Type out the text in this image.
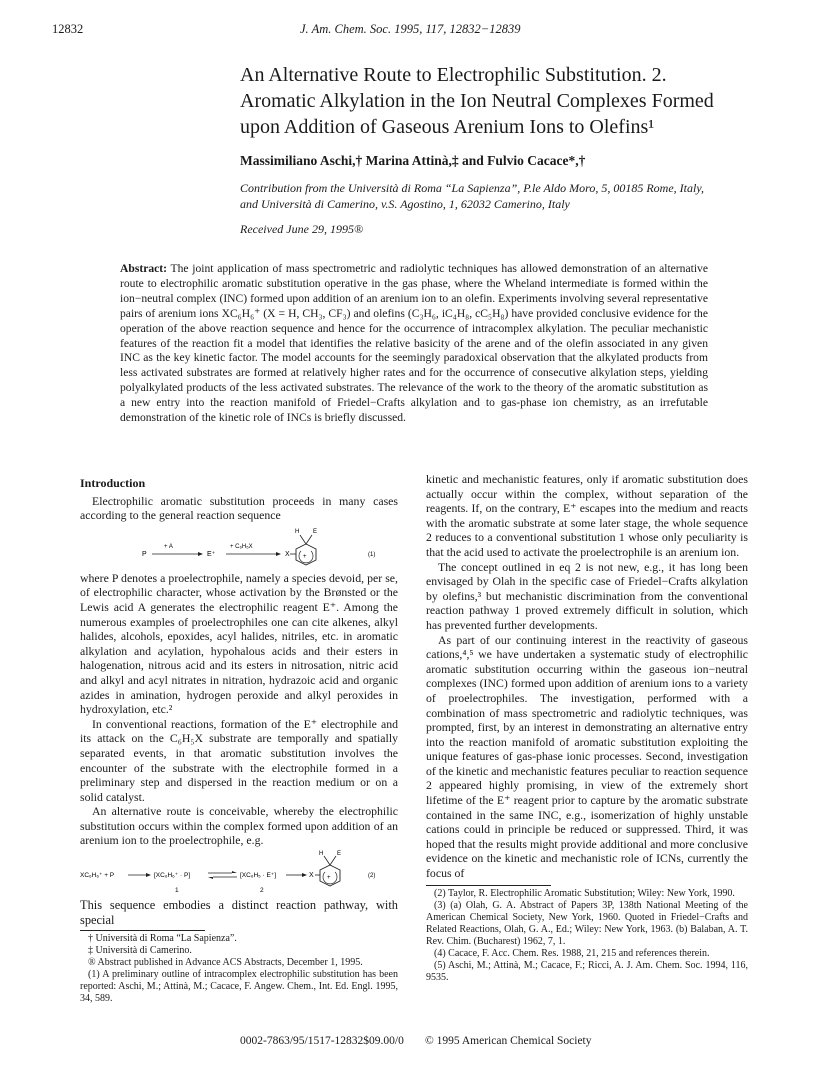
12832	J. Am. Chem. Soc. 1995, 117, 12832−12839
An Alternative Route to Electrophilic Substitution. 2.
Aromatic Alkylation in the Ion Neutral Complexes Formed
upon Addition of Gaseous Arenium Ions to Olefins¹
Massimiliano Aschi,† Marina Attinà,‡ and Fulvio Cacace*,†
Contribution from the Università di Roma “La Sapienza”, P.le Aldo Moro, 5, 00185 Rome, Italy,
and Università di Camerino, v.S. Agostino, 1, 62032 Camerino, Italy
Received June 29, 1995®
Abstract: The joint application of mass spectrometric and radiolytic techniques has allowed demonstration of an alternative route to electrophilic aromatic substitution operative in the gas phase, where the Wheland intermediate is formed within the ion−neutral complex (INC) formed upon addition of an arenium ion to an olefin. Experiments involving several representative pairs of arenium ions XC₆H₆⁺ (X = H, CH₃, CF₃) and olefins (C₃H₆, iC₄H₈, cC₅H₈) have provided conclusive evidence for the operation of the above reaction sequence and hence for the occurrence of intracomplex alkylation. The peculiar mechanistic features of the reaction fit a model that identifies the relative basicity of the arene and of the olefin associated in any given INC as the key kinetic factor. The model accounts for the seemingly paradoxical observation that the alkylated products from less activated substrates are formed at relatively higher rates and for the occurrence of consecutive alkylation steps, yielding polyalkylated products of the less activated substrates. The relevance of the work to the theory of the aromatic substitution as a new entry into the reaction manifold of Friedel−Crafts alkylation and to gas-phase ion chemistry, as an irrefutable demonstration of the kinetic role of INCs is briefly discussed.

Introduction

Electrophilic aromatic substitution proceeds in many cases according to the general reaction sequence

P
+ A
E⁺
+ C₆H₅X
X +
H E
(1)

where P denotes a proelectrophile, namely a species devoid, per se, of electrophilic character, whose activation by the Brønsted or the Lewis acid A generates the electrophilic reagent E⁺. Among the numerous examples of proelectrophiles one can cite alkenes, alkyl halides, alcohols, epoxides, acyl halides, nitriles, etc. in aromatic alkylation and acylation, hypohalous acids and their esters in halogenation, nitrous acid and its esters in nitrosation, nitric acid and alkyl and acyl nitrates in nitration, hydrazoic acid and organic azides in amination, hydrogen peroxide and alkyl peroxides in hydroxylation, etc.²

In conventional reactions, formation of the E⁺ electrophile and its attack on the C₆H₅X substrate are temporally and spatially separated events, in that aromatic substitution involves the encounter of the substrate with the electrophile formed in a preliminary step and dispersed in the reaction medium or on a solid catalyst.

An alternative route is conceivable, whereby the electrophilic substitution occurs within the complex formed upon addition of an arenium ion to the proelectrophile, e.g.

XC₆H₆⁺ + P	[XC₆H₆⁺ · P]	[XC₆H₅ · E⁺]	X +
H E
1	2
(2)

This sequence embodies a distinct reaction pathway, with special

† Università di Roma “La Sapienza”.

‡ Università di Camerino.

® Abstract published in Advance ACS Abstracts, December 1, 1995.

(1) A preliminary outline of intracomplex electrophilic substitution has been reported: Aschi, M.; Attinà, M.; Cacace, F. Angew. Chem., Int. Ed. Engl. 1995, 34, 589.

kinetic and mechanistic features, only if aromatic substitution does actually occur within the complex, without separation of the reagents. If, on the contrary, E⁺ escapes into the medium and reacts with the aromatic substrate at some later stage, the whole sequence 2 reduces to a conventional substitution 1 whose only peculiarity is that the acid used to activate the proelectrophile is an arenium ion.

The concept outlined in eq 2 is not new, e.g., it has long been envisaged by Olah in the specific case of Friedel−Crafts alkylation by olefins,³ but mechanistic discrimination from the conventional reaction pathway 1 proved extremely difficult in solution, which has prevented further developments.

As part of our continuing interest in the reactivity of gaseous cations,⁴,⁵ we have undertaken a systematic study of electrophilic aromatic substitution occurring within the gaseous ion−neutral complexes (INC) formed upon addition of arenium ions to a variety of proelectrophiles. The investigation, performed with a combination of mass spectrometric and radiolytic techniques, was prompted, first, by an interest in demonstrating an alternative entry into the reaction manifold of aromatic substitution exploiting the unique features of gas-phase ionic processes. Second, investigation of the kinetic and mechanistic features peculiar to reaction sequence 2 appeared highly promising, in view of the extremely short lifetime of the E⁺ reagent prior to capture by the aromatic substrate contained in the same INC, e.g., isomerization of highly unstable cations could in principle be reduced or suppressed. Third, it was hoped that the results might provide additional and more conclusive evidence on the kinetic and mechanistic role of ICNs, currently the focus of

(2) Taylor, R. Electrophilic Aromatic Substitution; Wiley: New York, 1990.

(3) (a) Olah, G. A. Abstract of Papers 3P, 138th National Meeting of the American Chemical Society, New York, 1960. Quoted in Friedel−Crafts and Related Reactions, Olah, G. A., Ed.; Wiley: New York, 1963. (b) Balaban, A. T. Rev. Chim. (Bucharest) 1962, 7, 1.

(4) Cacace, F. Acc. Chem. Res. 1988, 21, 215 and references therein.

(5) Aschi, M.; Attinà, M.; Cacace, F.; Ricci, A. J. Am. Chem. Soc. 1994, 116, 9535.

0002-7863/95/1517-12832$09.00/0 © 1995 American Chemical Society
